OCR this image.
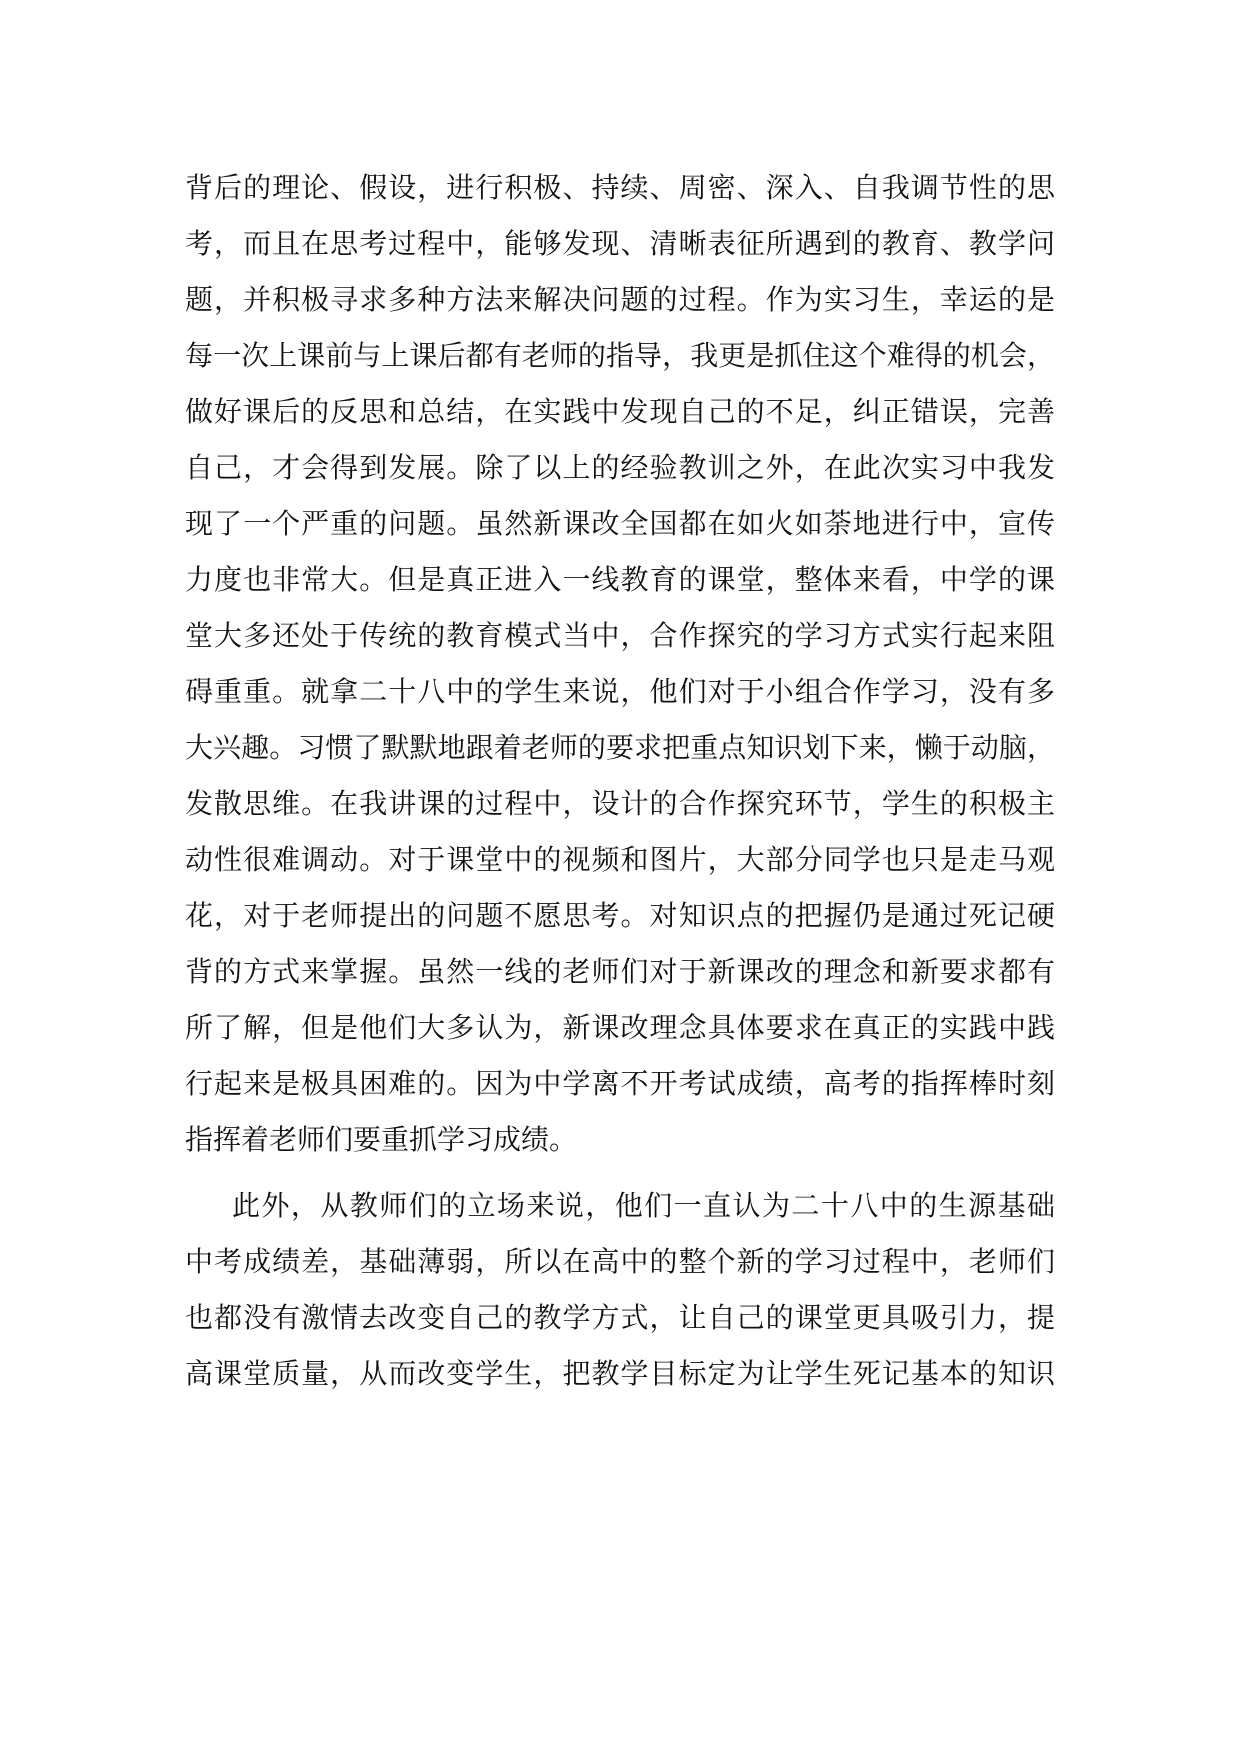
背后的理论、假设，进行积极、持续、周密、深入、自我调节性的思
考，而且在思考过程中，能够发现、清晰表征所遇到的教育、教学问
题，并积极寻求多种方法来解决问题的过程。作为实习生，幸运的是
每一次上课前与上课后都有老师的指导，我更是抓住这个难得的机会，
做好课后的反思和总结，在实践中发现自己的不足，纠正错误，完善
自己，才会得到发展。除了以上的经验教训之外，在此次实习中我发
现了一个严重的问题。虽然新课改全国都在如火如荼地进行中，宣传
力度也非常大。但是真正进入一线教育的课堂，整体来看，中学的课
堂大多还处于传统的教育模式当中，合作探究的学习方式实行起来阻
碍重重。就拿二十八中的学生来说，他们对于小组合作学习，没有多
大兴趣。习惯了默默地跟着老师的要求把重点知识划下来，懒于动脑，
发散思维。在我讲课的过程中，设计的合作探究环节，学生的积极主
动性很难调动。对于课堂中的视频和图片，大部分同学也只是走马观
花，对于老师提出的问题不愿思考。对知识点的把握仍是通过死记硬
背的方式来掌握。虽然一线的老师们对于新课改的理念和新要求都有
所了解，但是他们大多认为，新课改理念具体要求在真正的实践中践
行起来是极具困难的。因为中学离不开考试成绩，高考的指挥棒时刻
指挥着老师们要重抓学习成绩。
此外，从教师们的立场来说，他们一直认为二十八中的生源基础
中考成绩差，基础薄弱，所以在高中的整个新的学习过程中，老师们
也都没有激情去改变自己的教学方式，让自己的课堂更具吸引力，提
高课堂质量，从而改变学生，把教学目标定为让学生死记基本的知识
